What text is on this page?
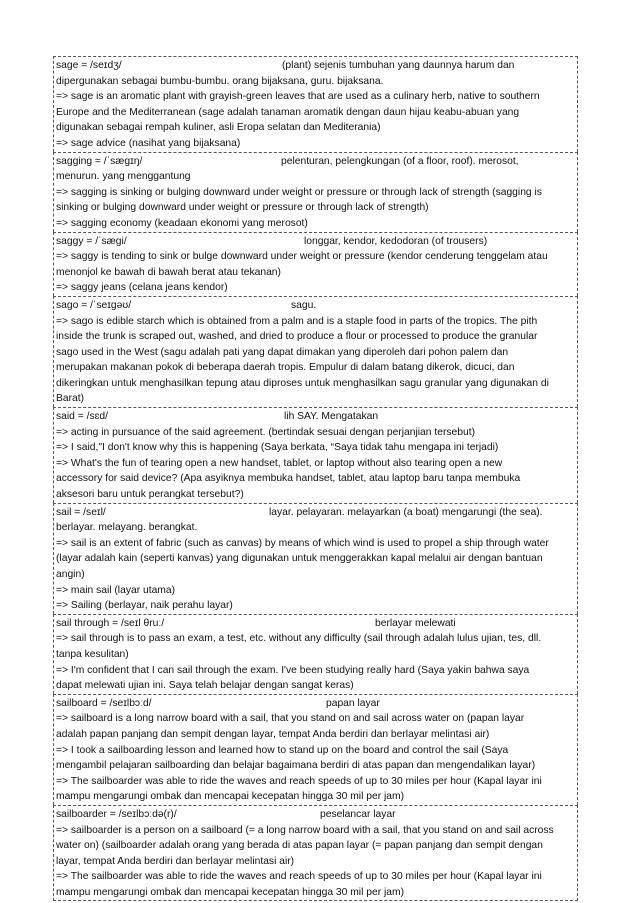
sage = /seɪdʒ/	(plant) sejenis tumbuhan yang daunnya harum dan

dipergunakan sebagai bumbu-bumbu. orang bijaksana, guru. bijaksana.
=> sage is an aromatic plant with grayish-green leaves that are used as a culinary herb, native to southern
Europe and the Mediterranean (sage adalah tanaman aromatik dengan daun hijau keabu-abuan yang
digunakan sebagai rempah kuliner, asli Eropa selatan dan Mediterania)
=> sage advice (nasihat yang bijaksana)
sagging = /ˈsæɡɪŋ/	pelenturan, pelengkungan (of a floor, roof). merosot,

menurun. yang menggantung
=> sagging is sinking or bulging downward under weight or pressure or through lack of strength (sagging is
sinking or bulging downward under weight or pressure or through lack of strength)
=> sagging economy (keadaan ekonomi yang merosot)
saggy = /ˈsæɡi/	longgar, kendor, kedodoran (of trousers)

=> saggy is tending to sink or bulge downward under weight or pressure (kendor cenderung tenggelam atau
menonjol ke bawah di bawah berat atau tekanan)
=> saggy jeans (celana jeans kendor)
sago = /ˈseɪɡəʊ/	sagu.

=> sago is edible starch which is obtained from a palm and is a staple food in parts of the tropics. The pith
inside the trunk is scraped out, washed, and dried to produce a flour or processed to produce the granular
sago used in the West (sagu adalah pati yang dapat dimakan yang diperoleh dari pohon palem dan
merupakan makanan pokok di beberapa daerah tropis. Empulur di dalam batang dikerok, dicuci, dan
dikeringkan untuk menghasilkan tepung atau diproses untuk menghasilkan sagu granular yang digunakan di
Barat)
said = /sɛd/	lih SAY. Mengatakan

=> acting in pursuance of the said agreement. (bertindak sesuai dengan perjanjian tersebut)
=> I said,"I don't know why this is happening (Saya berkata, “Saya tidak tahu mengapa ini terjadi)
=> What's the fun of tearing open a new handset, tablet, or laptop without also tearing open a new
accessory for said device? (Apa asyiknya membuka handset, tablet, atau laptop baru tanpa membuka
aksesori baru untuk perangkat tersebut?)
sail = /seɪl/	layar. pelayaran. melayarkan (a boat) mengarungi (the sea).

berlayar. melayang. berangkat.
=> sail is an extent of fabric (such as canvas) by means of which wind is used to propel a ship through water
(layar adalah kain (seperti kanvas) yang digunakan untuk menggerakkan kapal melalui air dengan bantuan
angin)
=> main sail (layar utama)
=> Sailing (berlayar, naik perahu layar)
sail through = /seɪl θruː/	berlayar melewati

=> sail through is to pass an exam, a test, etc. without any difficulty (sail through adalah lulus ujian, tes, dll.
tanpa kesulitan)
=> I'm confident that I can sail through the exam. I've been studying really hard (Saya yakin bahwa saya
dapat melewati ujian ini. Saya telah belajar dengan sangat keras)
sailboard = /seɪlbɔːd/	papan layar

=> sailboard is a long narrow board with a sail, that you stand on and sail across water on (papan layar
adalah papan panjang dan sempit dengan layar, tempat Anda berdiri dan berlayar melintasi air)
=> I took a sailboarding lesson and learned how to stand up on the board and control the sail (Saya
mengambil pelajaran sailboarding dan belajar bagaimana berdiri di atas papan dan mengendalikan layar)
=> The sailboarder was able to ride the waves and reach speeds of up to 30 miles per hour (Kapal layar ini
mampu mengarungi ombak dan mencapai kecepatan hingga 30 mil per jam)
sailboarder = /seɪlbɔːdə(r)/	peselancar layar

=> sailboarder is a person on a sailboard (= a long narrow board with a sail, that you stand on and sail across
water on) (sailboarder adalah orang yang berada di atas papan layar (= papan panjang dan sempit dengan
layar, tempat Anda berdiri dan berlayar melintasi air)
=> The sailboarder was able to ride the waves and reach speeds of up to 30 miles per hour (Kapal layar ini
mampu mengarungi ombak dan mencapai kecepatan hingga 30 mil per jam)
